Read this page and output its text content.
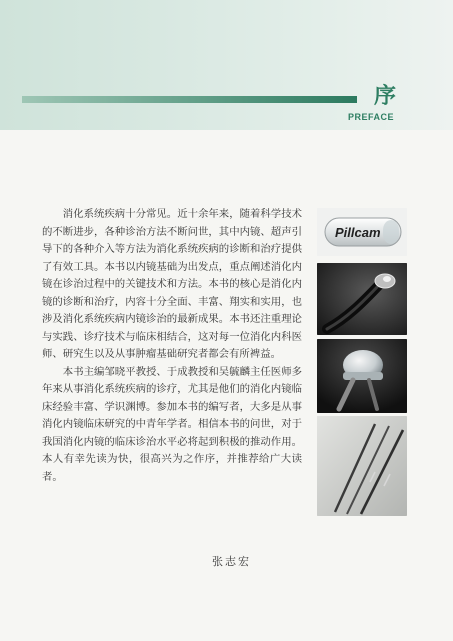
序
PREFACE

消化系统疾病十分常见。近十余年来，随着科学技术的不断进步，各种诊治方法不断问世，其中内镜、超声引导下的各种介入等方法为消化系统疾病的诊断和治疗提供了有效工具。本书以内镜基础为出发点，重点阐述消化内镜在诊治过程中的关键技术和方法。本书的核心是消化内镜的诊断和治疗，内容十分全面、丰富、翔实和实用，也涉及消化系统疾病内镜诊治的最新成果。本书还注重理论与实践、诊疗技术与临床相结合，这对每一位消化内科医师、研究生以及从事肿瘤基础研究者都会有所裨益。

本书主编邹晓平教授、于成教授和吴毓麟主任医师多年来从事消化系统疾病的诊疗，尤其是他们的消化内镜临床经验丰富、学识渊博。参加本书的编写者，大多是从事消化内镜临床研究的中青年学者。相信本书的问世，对于我国消化内镜的临床诊治水平必将起到积极的推动作用。本人有幸先读为快，很高兴为之作序，并推荐给广大读者。

张志宏
Pillcam
